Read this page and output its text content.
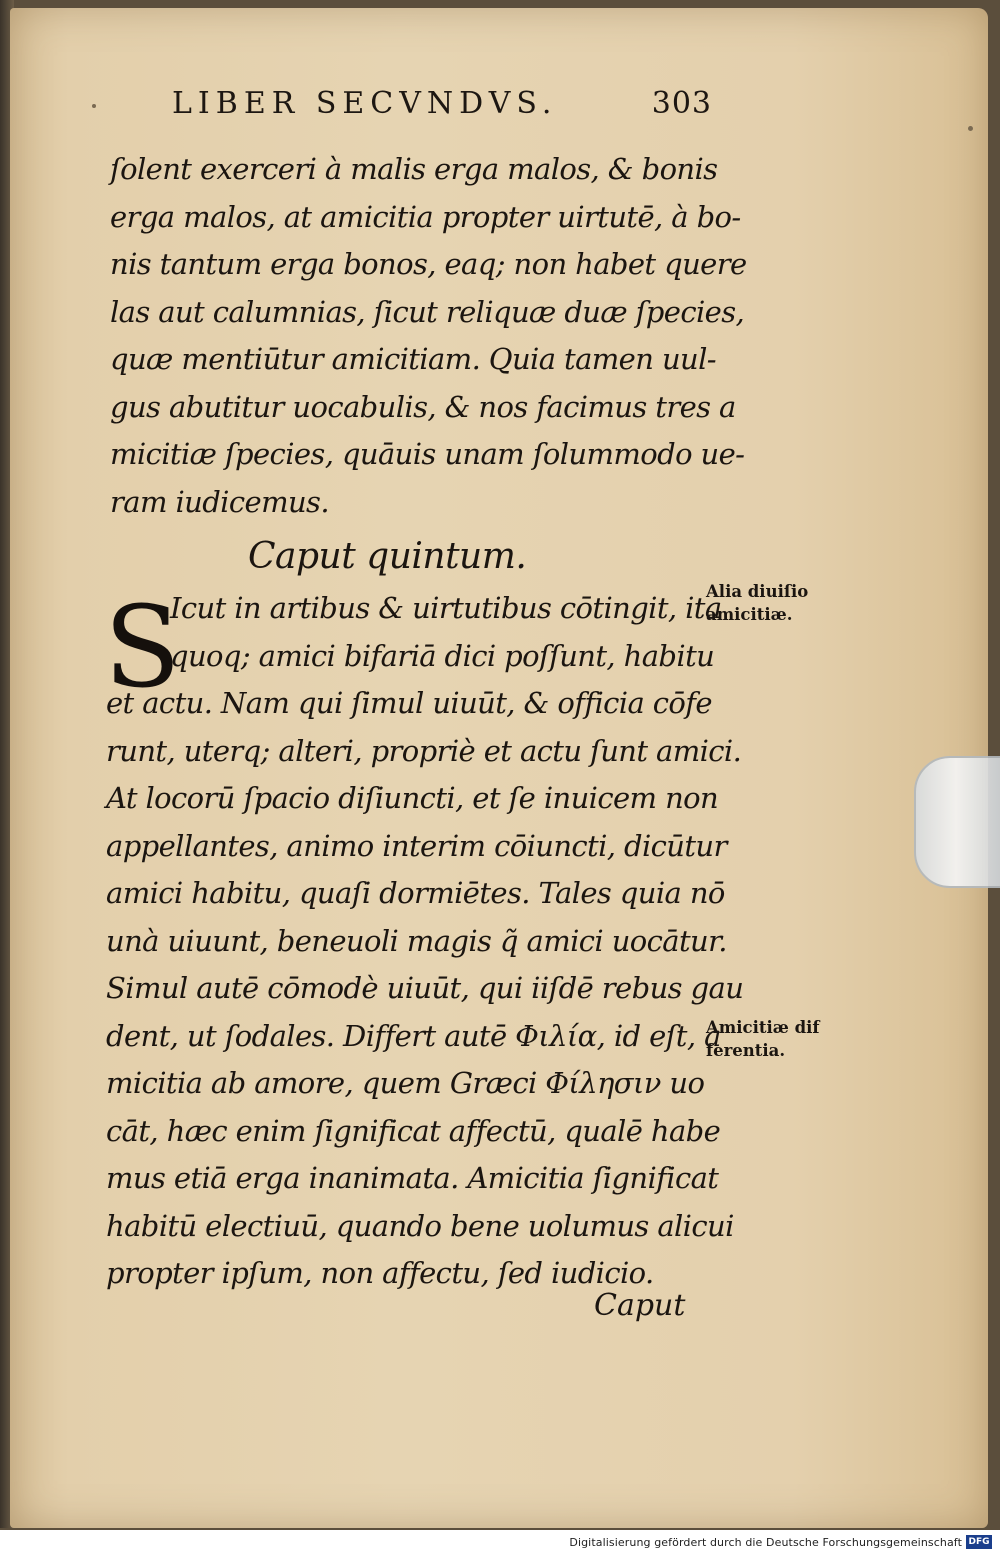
LIBER SECVNDVS.	303
ſolent exerceri à malis erga malos, & bonis
erga malos, at amicitia propter uirtutē, à bo-
nis tantum erga bonos, eaq; non habet quere
las aut calumnias, ſicut reliquæ duæ ſpecies,
quæ mentiūtur amicitiam. Quia tamen uul-
gus abutitur uocabulis, & nos facimus tres a
micitiæ ſpecies, quāuis unam ſolummodo ue-
ram iudicemus.
Caput quintum.
S
Icut in artibus & uirtutibus cōtingit, ita
quoq; amici bifariā dici poſſunt, habitu
et actu. Nam qui ſimul uiuūt, & officia cōfe
runt, uterq; alteri, propriè et actu ſunt amici.
At locorū ſpacio diſiuncti, et ſe inuicem non
appellantes, animo interim cōiuncti, dicūtur
amici habitu, quaſi dormiētes. Tales quia nō
unà uiuunt, beneuoli magis q̃ amici uocātur.
Simul autē cōmodè uiuūt, qui iiſdē rebus gau
dent, ut ſodales. Differt autē Φιλία, id eſt, a
micitia ab amore, quem Græci Φίλησιν uo
cāt, hæc enim ſignificat affectū, qualē habe
mus etiā erga inanimata. Amicitia ſignificat
habitū electiuū, quando bene uolumus alicui
propter ipſum, non affectu, ſed iudicio.
Caput
Alia diuiſio
amicitiæ.
Amicitiæ dif
ferentia.
Digitalisierung gefördert durch die Deutsche Forschungsgemeinschaft DFG
